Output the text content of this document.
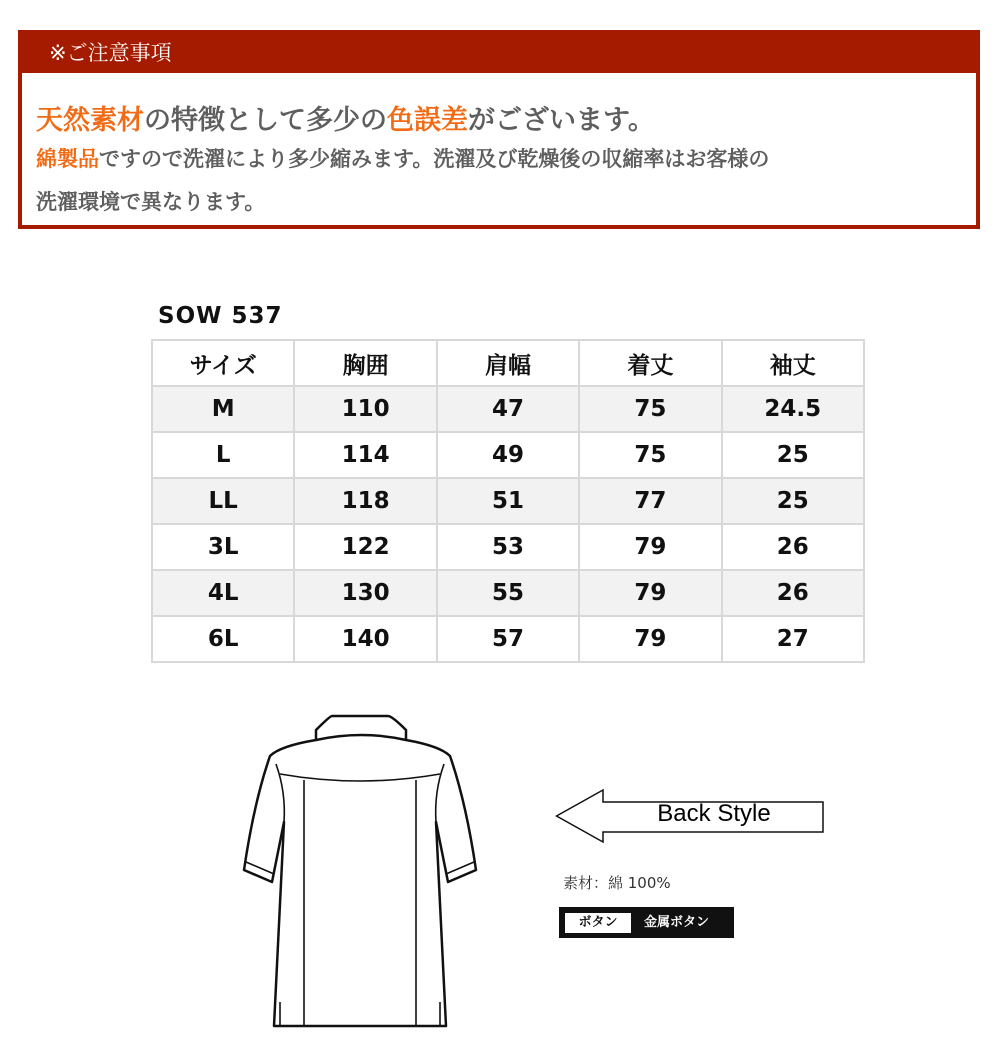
※ご注意事項
天然素材の特徴として多少の色誤差がございます。
綿製品ですので洗濯により多少縮みます。洗濯及び乾燥後の収縮率はお客様の
洗濯環境で異なります。
SOW 537
サイズ	胸囲	肩幅	着丈	袖丈
M	110	47	75	24.5
L	114	49	75	25
LL	118	51	77	25
3L	122	53	79	26
4L	130	55	79	26
6L	140	57	79	27
Back Style
素材：綿 100%
ボタン	金属ボタン
